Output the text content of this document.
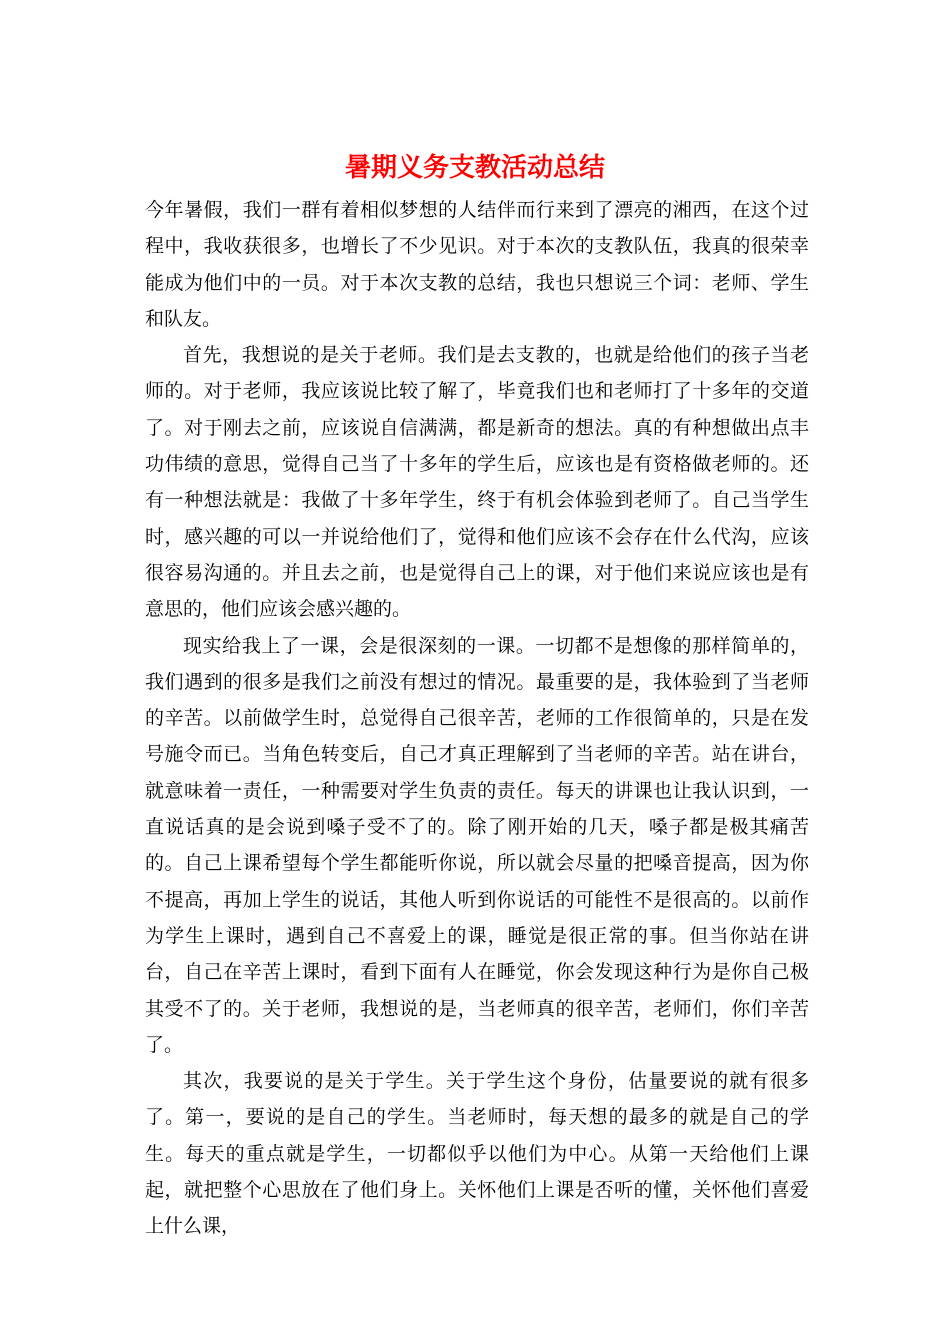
暑期义务支教活动总结

今年暑假，我们一群有着相似梦想的人结伴而行来到了漂亮的湘西，在这个过程中，我收获很多，也增长了不少见识。对于本次的支教队伍，我真的很荣幸能成为他们中的一员。对于本次支教的总结，我也只想说三个词：老师、学生和队友。

首先，我想说的是关于老师。我们是去支教的，也就是给他们的孩子当老师的。对于老师，我应该说比较了解了，毕竟我们也和老师打了十多年的交道了。对于刚去之前，应该说自信满满，都是新奇的想法。真的有种想做出点丰功伟绩的意思，觉得自己当了十多年的学生后，应该也是有资格做老师的。还有一种想法就是：我做了十多年学生，终于有机会体验到老师了。自己当学生时，感兴趣的可以一并说给他们了，觉得和他们应该不会存在什么代沟，应该很容易沟通的。并且去之前，也是觉得自己上的课，对于他们来说应该也是有意思的，他们应该会感兴趣的。

现实给我上了一课，会是很深刻的一课。一切都不是想像的那样简单的，我们遇到的很多是我们之前没有想过的情况。最重要的是，我体验到了当老师的辛苦。以前做学生时，总觉得自己很辛苦，老师的工作很简单的，只是在发号施令而已。当角色转变后，自己才真正理解到了当老师的辛苦。站在讲台，就意味着一责任，一种需要对学生负责的责任。每天的讲课也让我认识到，一直说话真的是会说到嗓子受不了的。除了刚开始的几天，嗓子都是极其痛苦的。自己上课希望每个学生都能听你说，所以就会尽量的把嗓音提高，因为你不提高，再加上学生的说话，其他人听到你说话的可能性不是很高的。以前作为学生上课时，遇到自己不喜爱上的课，睡觉是很正常的事。但当你站在讲台，自己在辛苦上课时，看到下面有人在睡觉，你会发现这种行为是你自己极其受不了的。关于老师，我想说的是，当老师真的很辛苦，老师们，你们辛苦了。

其次，我要说的是关于学生。关于学生这个身份，估量要说的就有很多了。第一，要说的是自己的学生。当老师时，每天想的最多的就是自己的学生。每天的重点就是学生，一切都似乎以他们为中心。从第一天给他们上课起，就把整个心思放在了他们身上。关怀他们上课是否听的懂，关怀他们喜爱上什么课，
